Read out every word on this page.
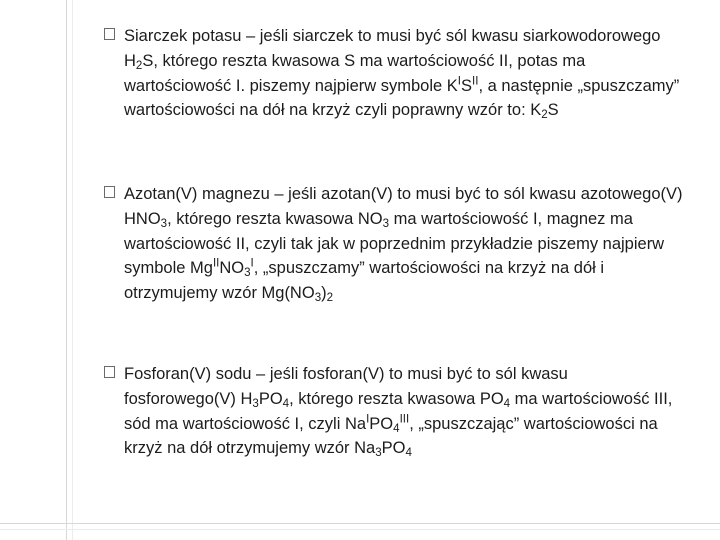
Siarczek potasu – jeśli siarczek to musi być sól kwasu siarkowodorowego $H_2S$, którego reszta kwasowa S ma wartościowość II, potas ma wartościowość I. piszemy najpierw symbole $K^IS^{II}$, a następnie „spuszczamy” wartościowości na dół na krzyż czyli poprawny wzór to: $K_2S$

Azotan(V) magnezu – jeśli azotan(V) to musi być to sól kwasu azotowego(V) $HNO_3$, którego reszta kwasowa $NO_3$ ma wartościowość I, magnez ma wartościowość II, czyli tak jak w poprzednim przykładzie piszemy najpierw symbole $Mg^{II}NO_3^I$, „spuszczamy” wartościowości na krzyż na dół i otrzymujemy wzór $Mg(NO_3)_2$

Fosforan(V) sodu – jeśli fosforan(V) to musi być to sól kwasu fosforowego(V) $H_3PO_4$, którego reszta kwasowa $PO_4$ ma wartościowość III, sód ma wartościowość I, czyli $Na^IPO_4^{III}$, „spuszczając” wartościowości na krzyż na dół otrzymujemy wzór $Na_3PO_4$
